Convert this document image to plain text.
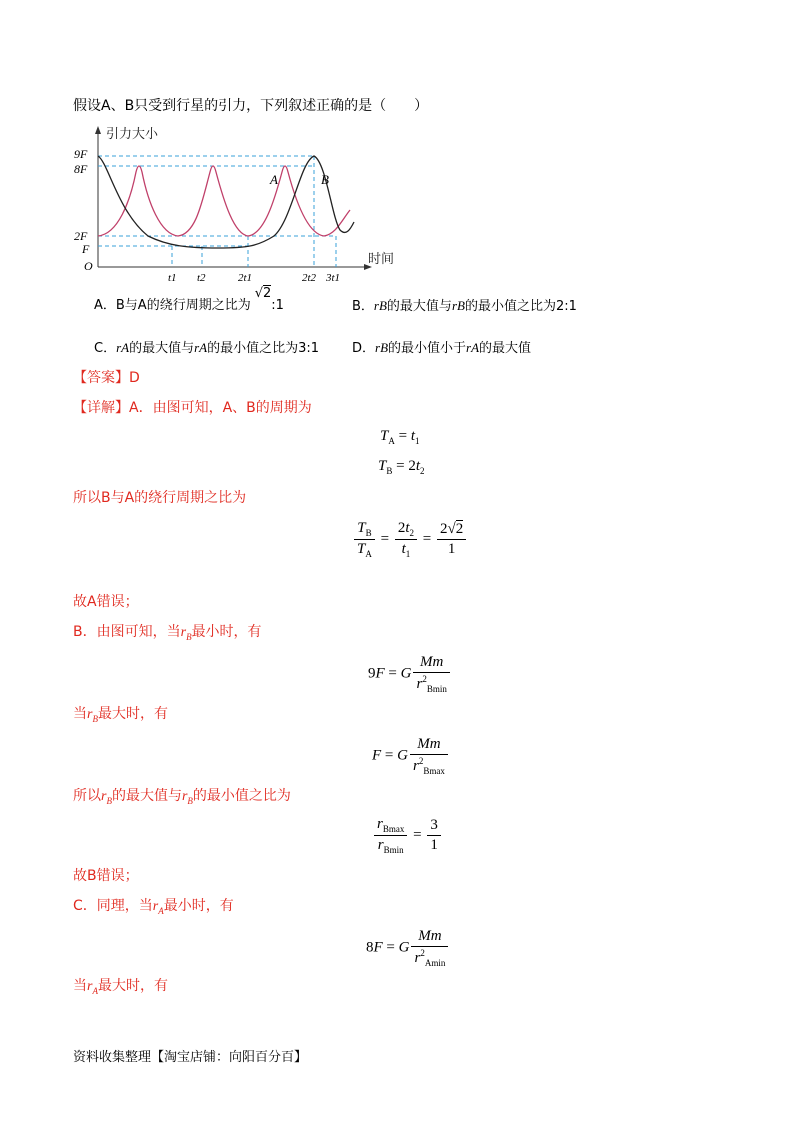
假设A、B只受到行星的引力，下列叙述正确的是（　　）
引力大小
时间
O
9F
8F
2F
F
t1 t2	2t1	2t2 3t1
A	B
A．B与A的绕行周期之比为√2:1	B．rB的最大值与rB的最小值之比为2:1
C．rA的最大值与rA的最小值之比为3:1	D．rB的最小值小于rA的最大值
【答案】D
【详解】A．由图可知，A、B的周期为
$T_A = t_1$
$T_B = 2t_2$
所以B与A的绕行周期之比为
$\frac{T_B}{T_A} = \frac{2t_2}{t_1} = \frac{2√2}{1}$
故A错误；
B．由图可知，当$r_B$最小时，有
9F = G $\frac{Mm}{r^2_{Bmin}}$
当$r_B$最大时，有
F = G $\frac{Mm}{r^2_{Bmax}}$
所以$r_B$的最大值与$r_B$的最小值之比为
$\frac{r_{Bmax}}{r_{Bmin}} = \frac{3}{1}$
故B错误；
C．同理，当$r_A$最小时，有
8F = G $\frac{Mm}{r^2_{Amin}}$
当$r_A$最大时，有
资料收集整理【淘宝店铺：向阳百分百】
